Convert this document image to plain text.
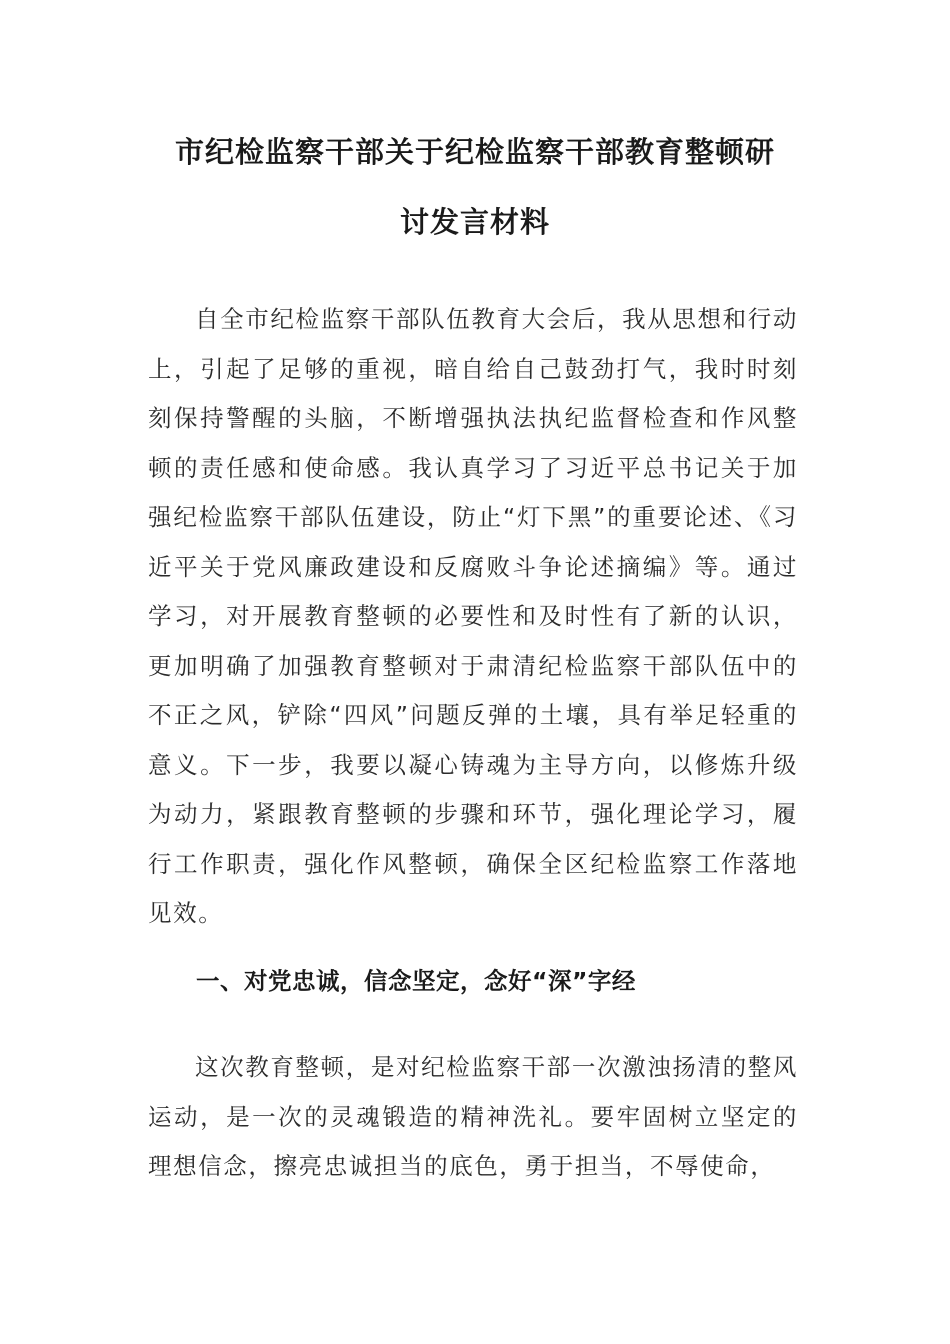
市纪检监察干部关于纪检监察干部教育整顿研
讨发言材料

自全市纪检监察干部队伍教育大会后，我从思想和行动上，引起了足够的重视，暗自给自己鼓劲打气，我时时刻刻保持警醒的头脑，不断增强执法执纪监督检查和作风整顿的责任感和使命感。我认真学习了习近平总书记关于加强纪检监察干部队伍建设，防止“灯下黑”的重要论述、《习近平关于党风廉政建设和反腐败斗争论述摘编》等。通过学习，对开展教育整顿的必要性和及时性有了新的认识，更加明确了加强教育整顿对于肃清纪检监察干部队伍中的不正之风，铲除“四风”问题反弹的土壤，具有举足轻重的意义。下一步，我要以凝心铸魂为主导方向，以修炼升级为动力，紧跟教育整顿的步骤和环节，强化理论学习，履行工作职责，强化作风整顿，确保全区纪检监察工作落地见效。

一、对党忠诚，信念坚定，念好“深”字经

这次教育整顿，是对纪检监察干部一次激浊扬清的整风运动，是一次的灵魂锻造的精神洗礼。要牢固树立坚定的理想信念，擦亮忠诚担当的底色，勇于担当，不辱使命，
